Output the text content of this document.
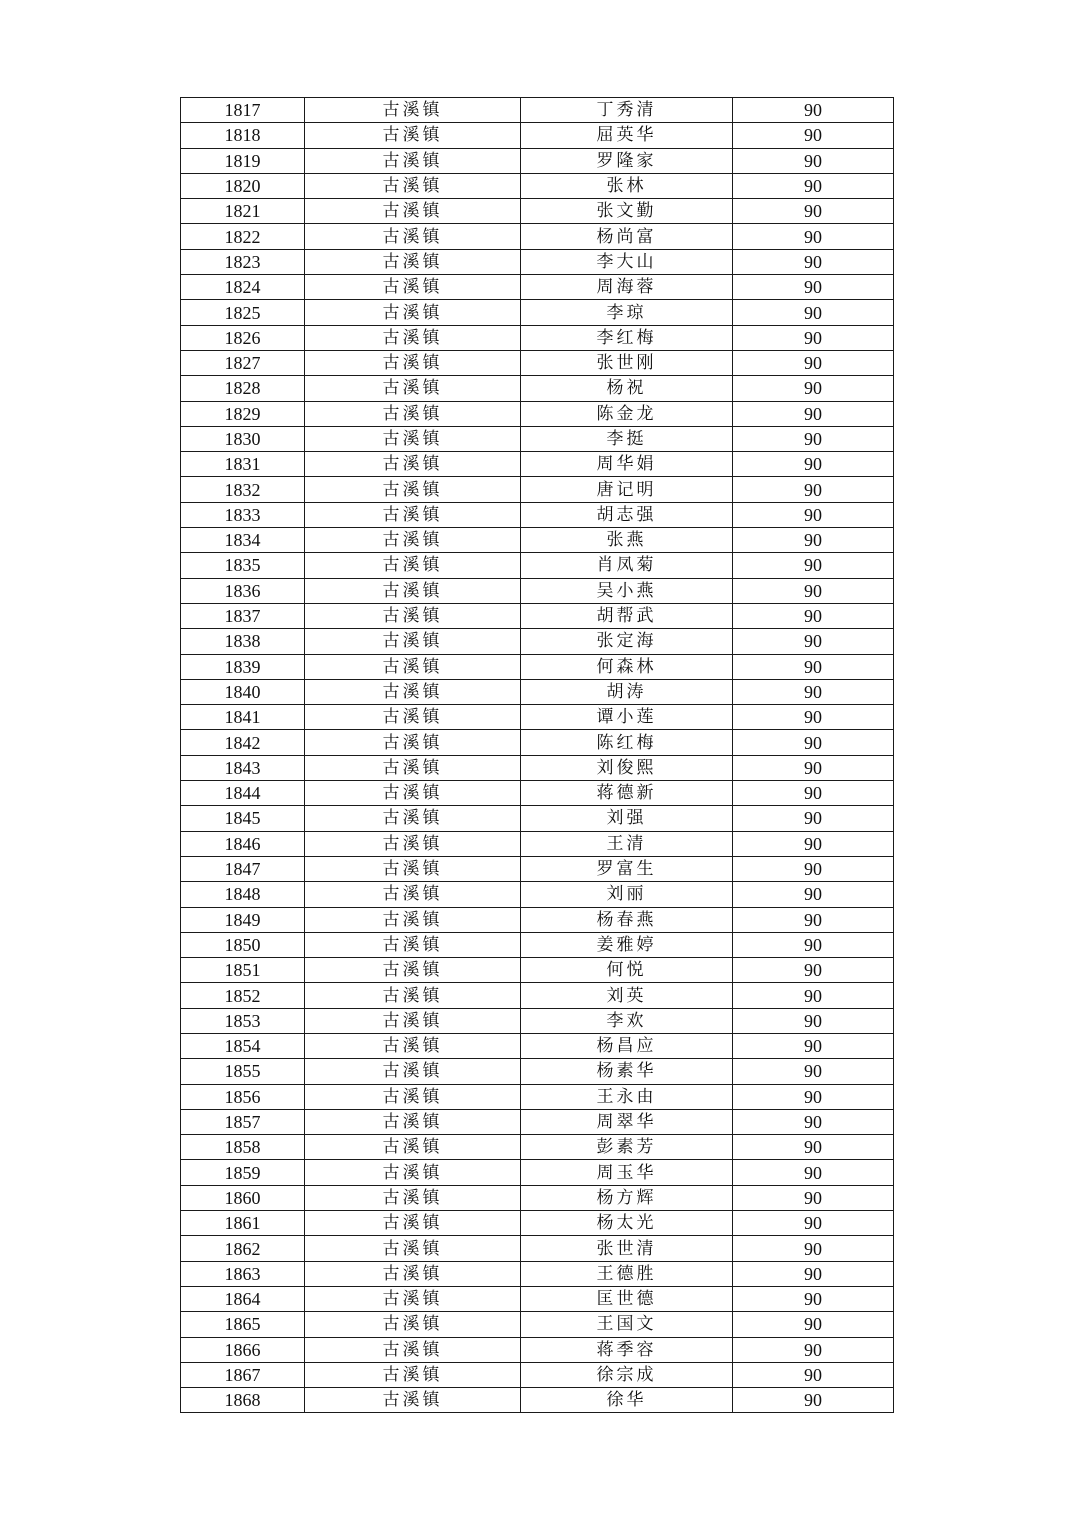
1817	古溪镇	丁秀清	90
1818	古溪镇	屈英华	90
1819	古溪镇	罗隆家	90
1820	古溪镇	张林	90
1821	古溪镇	张文勤	90
1822	古溪镇	杨尚富	90
1823	古溪镇	李大山	90
1824	古溪镇	周海蓉	90
1825	古溪镇	李琼	90
1826	古溪镇	李红梅	90
1827	古溪镇	张世刚	90
1828	古溪镇	杨祝	90
1829	古溪镇	陈金龙	90
1830	古溪镇	李挺	90
1831	古溪镇	周华娟	90
1832	古溪镇	唐记明	90
1833	古溪镇	胡志强	90
1834	古溪镇	张燕	90
1835	古溪镇	肖凤菊	90
1836	古溪镇	吴小燕	90
1837	古溪镇	胡帮武	90
1838	古溪镇	张定海	90
1839	古溪镇	何森林	90
1840	古溪镇	胡涛	90
1841	古溪镇	谭小莲	90
1842	古溪镇	陈红梅	90
1843	古溪镇	刘俊熙	90
1844	古溪镇	蒋德新	90
1845	古溪镇	刘强	90
1846	古溪镇	王清	90
1847	古溪镇	罗富生	90
1848	古溪镇	刘丽	90
1849	古溪镇	杨春燕	90
1850	古溪镇	姜雅婷	90
1851	古溪镇	何悦	90
1852	古溪镇	刘英	90
1853	古溪镇	李欢	90
1854	古溪镇	杨昌应	90
1855	古溪镇	杨素华	90
1856	古溪镇	王永由	90
1857	古溪镇	周翠华	90
1858	古溪镇	彭素芳	90
1859	古溪镇	周玉华	90
1860	古溪镇	杨方辉	90
1861	古溪镇	杨太光	90
1862	古溪镇	张世清	90
1863	古溪镇	王德胜	90
1864	古溪镇	匡世德	90
1865	古溪镇	王国文	90
1866	古溪镇	蒋季容	90
1867	古溪镇	徐宗成	90
1868	古溪镇	徐华	90
